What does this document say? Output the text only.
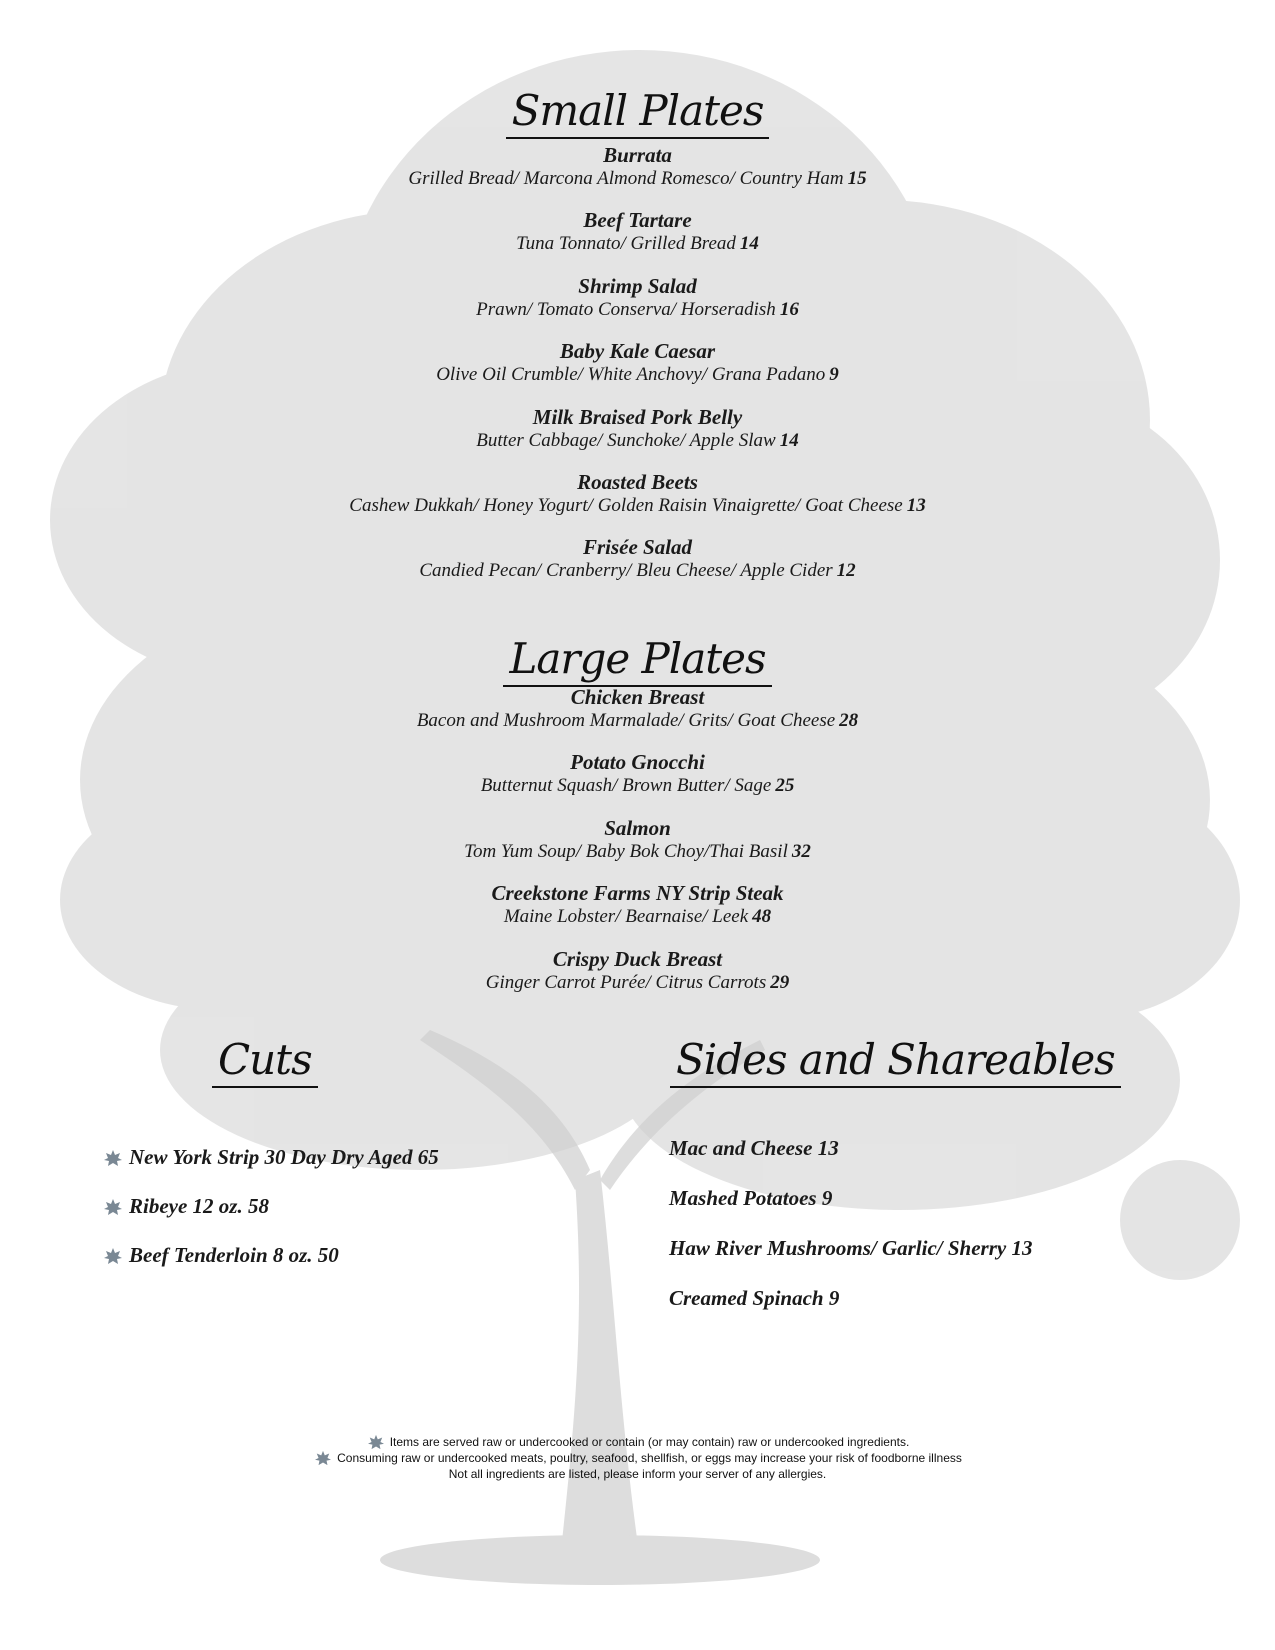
Small Plates
Burrata
Grilled Bread/ Marcona Almond Romesco/ Country Ham 15
Beef Tartare
Tuna Tonnato/ Grilled Bread 14
Shrimp Salad
Prawn/ Tomato Conserva/ Horseradish 16
Baby Kale Caesar
Olive Oil Crumble/ White Anchovy/ Grana Padano 9
Milk Braised Pork Belly
Butter Cabbage/ Sunchoke/ Apple Slaw 14
Roasted Beets
Cashew Dukkah/ Honey Yogurt/ Golden Raisin Vinaigrette/ Goat Cheese 13
Frisée Salad
Candied Pecan/ Cranberry/ Bleu Cheese/ Apple Cider 12
Large Plates
Chicken Breast
Bacon and Mushroom Marmalade/ Grits/ Goat Cheese 28
Potato Gnocchi
Butternut Squash/ Brown Butter/ Sage 25
Salmon
Tom Yum Soup/ Baby Bok Choy/Thai Basil 32
Creekstone Farms NY Strip Steak
Maine Lobster/ Bearnaise/ Leek 48
Crispy Duck Breast
Ginger Carrot Purée/ Citrus Carrots 29
Cuts	Sides and Shareables
New York Strip 30 Day Dry Aged 65
Ribeye 12 oz. 58
Beef Tenderloin 8 oz. 50
Mac and Cheese 13
Mashed Potatoes 9
Haw River Mushrooms/ Garlic/ Sherry 13
Creamed Spinach 9
Items are served raw or undercooked or contain (or may contain) raw or undercooked ingredients.
Consuming raw or undercooked meats, poultry, seafood, shellfish, or eggs may increase your risk of foodborne illness
Not all ingredients are listed, please inform your server of any allergies.
